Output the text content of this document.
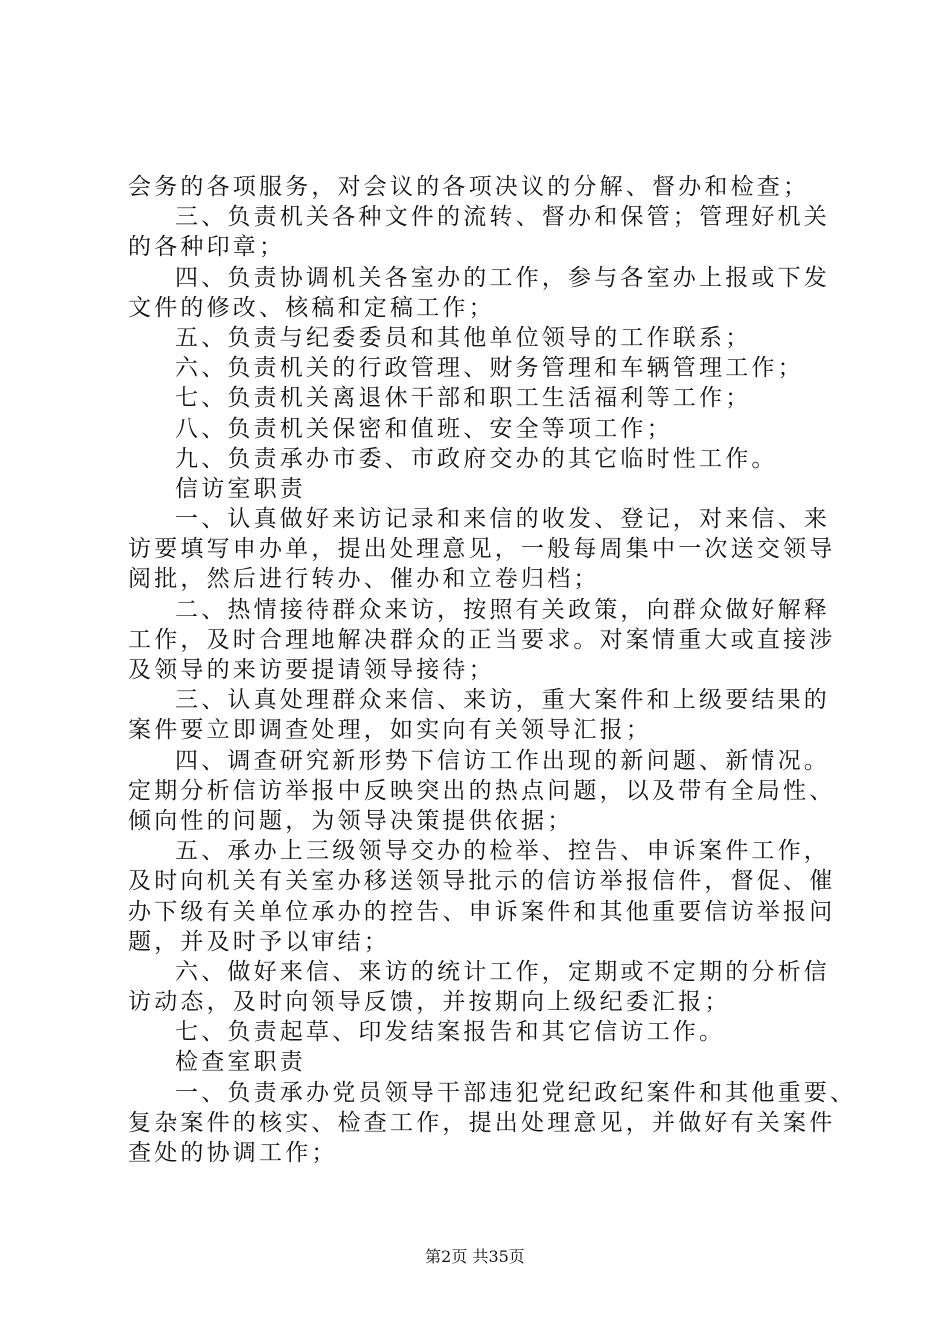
会务的各项服务，对会议的各项决议的分解、督办和检查；
三、负责机关各种文件的流转、督办和保管；管理好机关
的各种印章；
四、负责协调机关各室办的工作，参与各室办上报或下发
文件的修改、核稿和定稿工作；
五、负责与纪委委员和其他单位领导的工作联系；
六、负责机关的行政管理、财务管理和车辆管理工作；
七、负责机关离退休干部和职工生活福利等工作；
八、负责机关保密和值班、安全等项工作；
九、负责承办市委、市政府交办的其它临时性工作。
信访室职责
一、认真做好来访记录和来信的收发、登记，对来信、来
访要填写申办单，提出处理意见，一般每周集中一次送交领导
阅批，然后进行转办、催办和立卷归档；
二、热情接待群众来访，按照有关政策，向群众做好解释
工作，及时合理地解决群众的正当要求。对案情重大或直接涉
及领导的来访要提请领导接待；
三、认真处理群众来信、来访，重大案件和上级要结果的
案件要立即调查处理，如实向有关领导汇报；
四、调查研究新形势下信访工作出现的新问题、新情况。
定期分析信访举报中反映突出的热点问题，以及带有全局性、
倾向性的问题，为领导决策提供依据；
五、承办上三级领导交办的检举、控告、申诉案件工作，
及时向机关有关室办移送领导批示的信访举报信件，督促、催
办下级有关单位承办的控告、申诉案件和其他重要信访举报问
题，并及时予以审结；
六、做好来信、来访的统计工作，定期或不定期的分析信
访动态，及时向领导反馈，并按期向上级纪委汇报；
七、负责起草、印发结案报告和其它信访工作。
检查室职责
一、负责承办党员领导干部违犯党纪政纪案件和其他重要、
复杂案件的核实、检查工作，提出处理意见，并做好有关案件
查处的协调工作；
第2页 共35页
